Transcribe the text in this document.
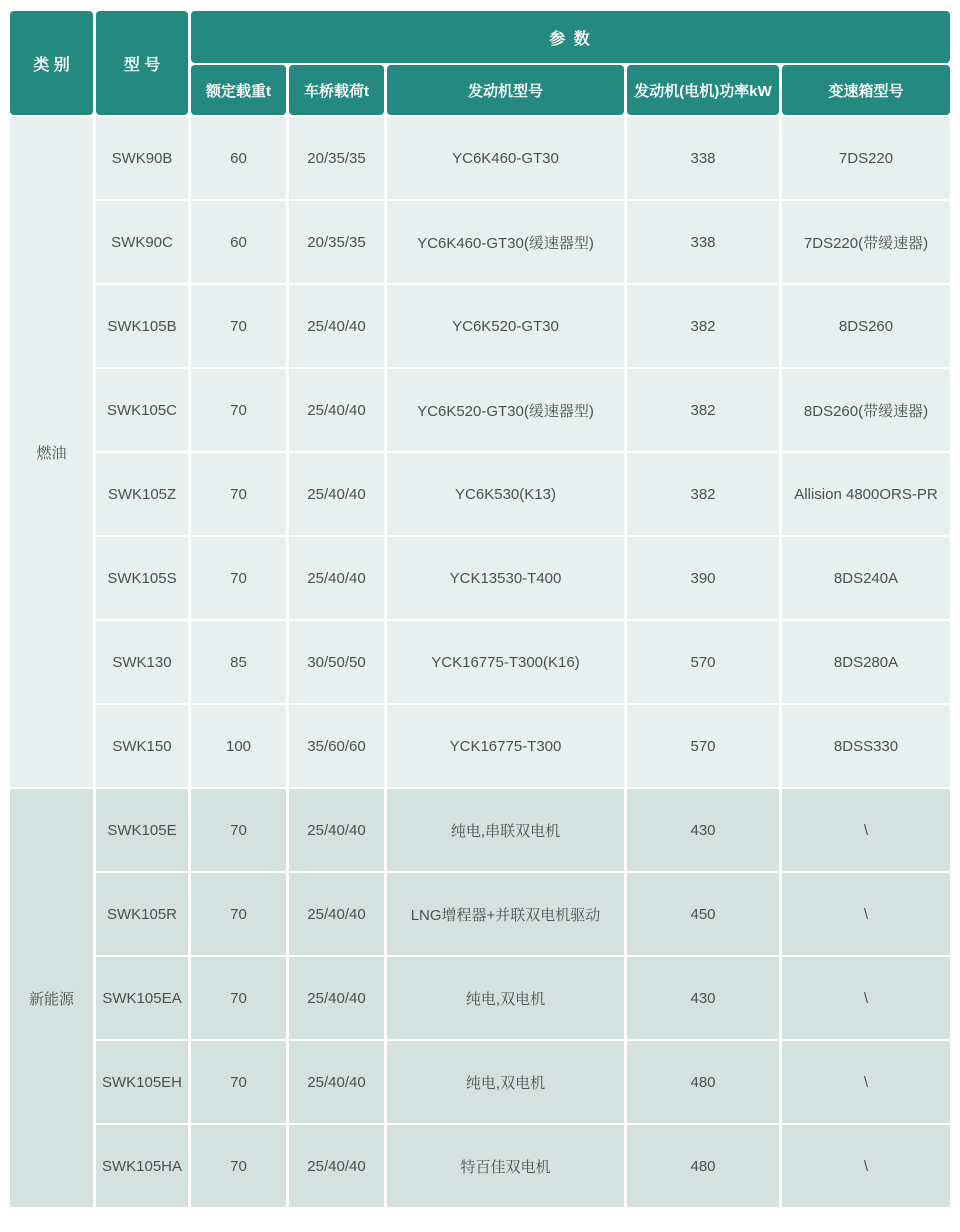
类 别	型 号	参 数				
		额定载重t	车桥载荷t	发动机型号	发动机(电机)功率kW	变速箱型号
燃油	SWK90B	60	20/35/35	YC6K460-GT30	338	7DS220
	SWK90C	60	20/35/35	YC6K460-GT30(缓速器型)	338	7DS220(带缓速器)
	SWK105B	70	25/40/40	YC6K520-GT30	382	8DS260
	SWK105C	70	25/40/40	YC6K520-GT30(缓速器型)	382	8DS260(带缓速器)
	SWK105Z	70	25/40/40	YC6K530(K13)	382	Allision 4800ORS-PR
	SWK105S	70	25/40/40	YCK13530-T400	390	8DS240A
	SWK130	85	30/50/50	YCK16775-T300(K16)	570	8DS280A
	SWK150	100	35/60/60	YCK16775-T300	570	8DSS330
新能源	SWK105E	70	25/40/40	纯电,串联双电机	430	\
	SWK105R	70	25/40/40	LNG增程器+并联双电机驱动	450	\
	SWK105EA	70	25/40/40	纯电,双电机	430	\
	SWK105EH	70	25/40/40	纯电,双电机	480	\
	SWK105HA	70	25/40/40	特百佳双电机	480	\
